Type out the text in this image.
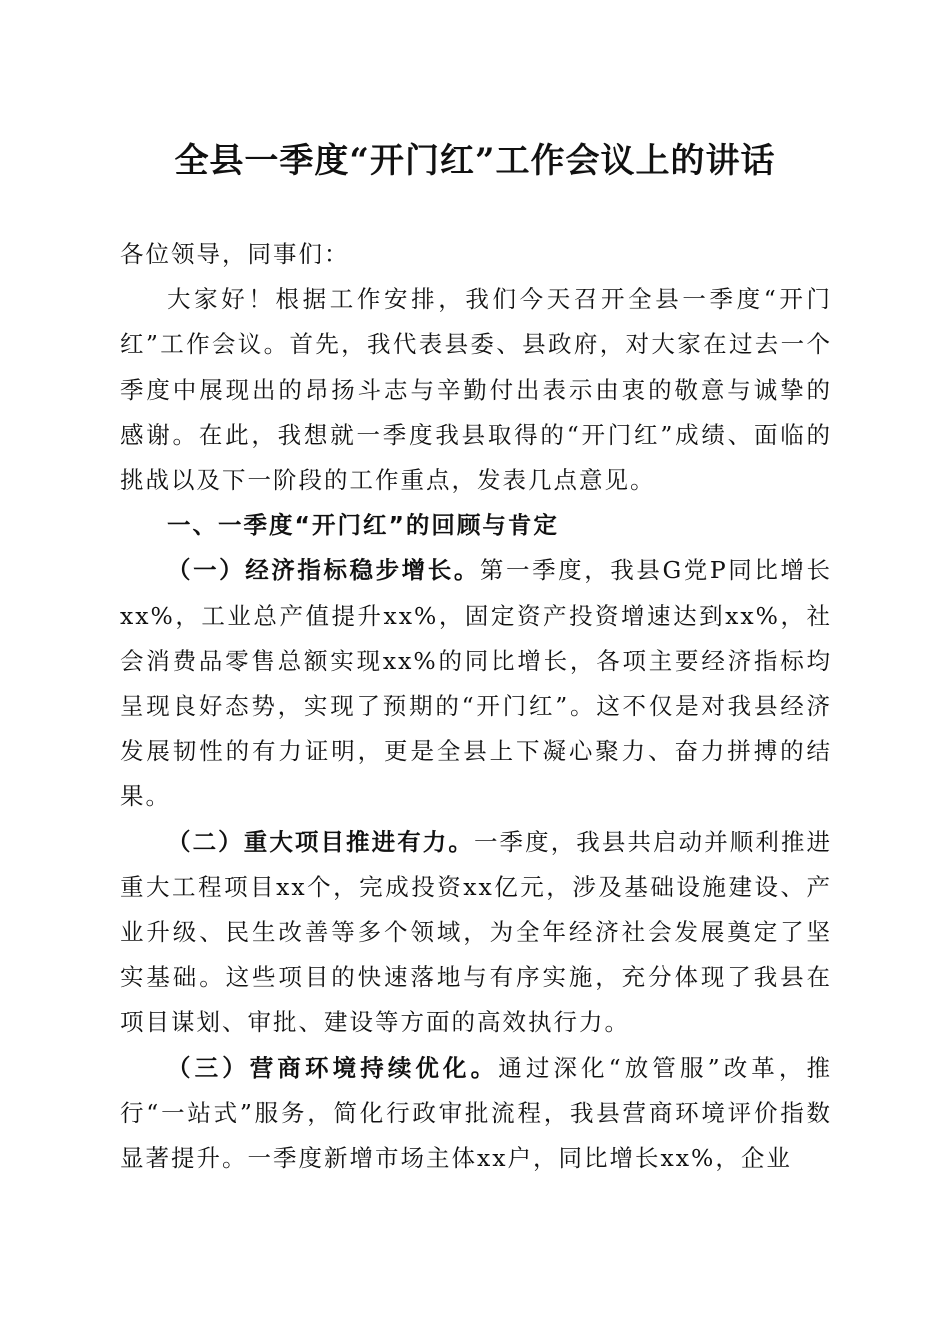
全县一季度“开门红”工作会议上的讲话

各位领导，同事们：

大家好！根据工作安排，我们今天召开全县一季度“开门红”工作会议。首先，我代表县委、县政府，对大家在过去一个季度中展现出的昂扬斗志与辛勤付出表示由衷的敬意与诚挚的感谢。在此，我想就一季度我县取得的“开门红”成绩、面临的挑战以及下一阶段的工作重点，发表几点意见。

一、一季度“开门红”的回顾与肯定

（一）经济指标稳步增长。第一季度，我县G党P同比增长xx%，工业总产值提升xx%，固定资产投资增速达到xx%，社会消费品零售总额实现xx%的同比增长，各项主要经济指标均呈现良好态势，实现了预期的“开门红”。这不仅是对我县经济发展韧性的有力证明，更是全县上下凝心聚力、奋力拼搏的结果。

（二）重大项目推进有力。一季度，我县共启动并顺利推进重大工程项目xx个，完成投资xx亿元，涉及基础设施建设、产业升级、民生改善等多个领域，为全年经济社会发展奠定了坚实基础。这些项目的快速落地与有序实施，充分体现了我县在项目谋划、审批、建设等方面的高效执行力。

（三）营商环境持续优化。通过深化“放管服”改革，推行“一站式”服务，简化行政审批流程，我县营商环境评价指数显著提升。一季度新增市场主体xx户，同比增长xx%，企业
